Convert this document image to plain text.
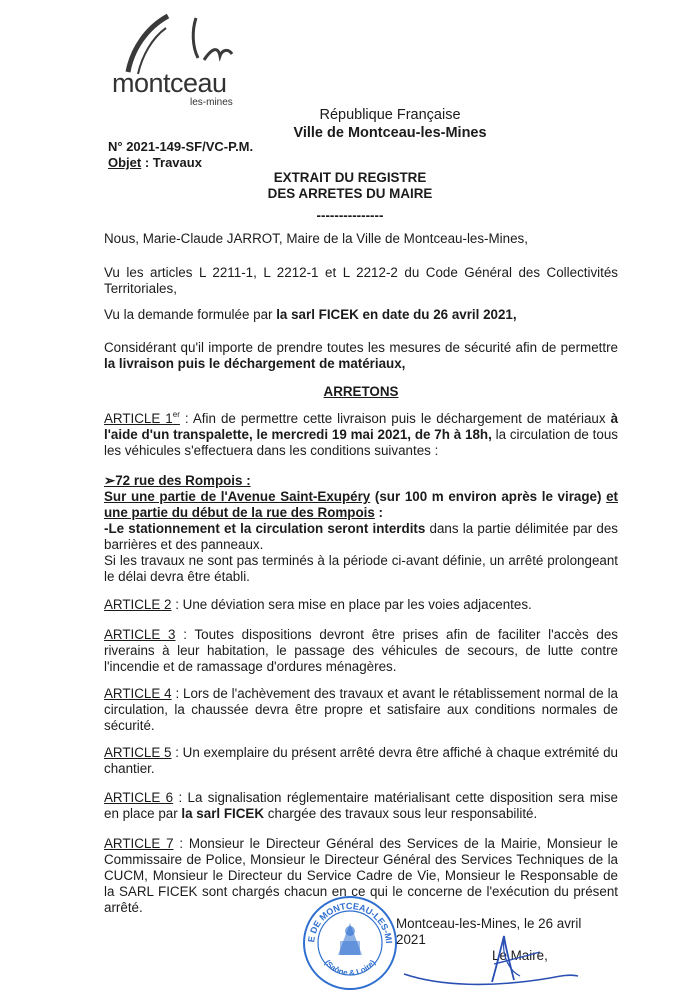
montceau
les-mines
République Française
Ville de Montceau-les-Mines
N° 2021-149-SF/VC-P.M.
Objet : Travaux
EXTRAIT DU REGISTRE
DES ARRETES DU MAIRE
---------------
Nous, Marie-Claude JARROT, Maire de la Ville de Montceau-les-Mines,
Vu les articles L 2211-1, L 2212-1 et L 2212-2 du Code Général des Collectivités Territoriales,
Vu la demande formulée par la sarl FICEK en date du 26 avril 2021,
Considérant qu'il importe de prendre toutes les mesures de sécurité afin de permettre la livraison puis le déchargement de matériaux,
ARRETONS
ARTICLE 1er : Afin de permettre cette livraison puis le déchargement de matériaux à l'aide d'un transpalette, le mercredi 19 mai 2021, de 7h à 18h, la circulation de tous les véhicules s'effectuera dans les conditions suivantes :
➢72 rue des Rompois :
Sur une partie de l'Avenue Saint-Exupéry (sur 100 m environ après le virage) et une partie du début de la rue des Rompois :
-Le stationnement et la circulation seront interdits dans la partie délimitée par des barrières et des panneaux.
Si les travaux ne sont pas terminés à la période ci-avant définie, un arrêté prolongeant le délai devra être établi.
ARTICLE 2 : Une déviation sera mise en place par les voies adjacentes.
ARTICLE 3 : Toutes dispositions devront être prises afin de faciliter l'accès des riverains à leur habitation, le passage des véhicules de secours, de lutte contre l'incendie et de ramassage d'ordures ménagères.
ARTICLE 4 : Lors de l'achèvement des travaux et avant le rétablissement normal de la circulation, la chaussée devra être propre et satisfaire aux conditions normales de sécurité.
ARTICLE 5 : Un exemplaire du présent arrêté devra être affiché à chaque extrémité du chantier.
ARTICLE 6 : La signalisation réglementaire matérialisant cette disposition sera mise en place par la sarl FICEK chargée des travaux sous leur responsabilité.
ARTICLE 7 : Monsieur le Directeur Général des Services de la Mairie, Monsieur le Commissaire de Police, Monsieur le Directeur Général des Services Techniques de la CUCM, Monsieur le Directeur du Service Cadre de Vie, Monsieur le Responsable de la SARL FICEK sont chargés chacun en ce qui le concerne de l'exécution du présent arrêté.
E DE MONTCEAU-LES-MI
(Saône & Loire)
Montceau-les-Mines, le 26 avril 2021
Le Maire,
